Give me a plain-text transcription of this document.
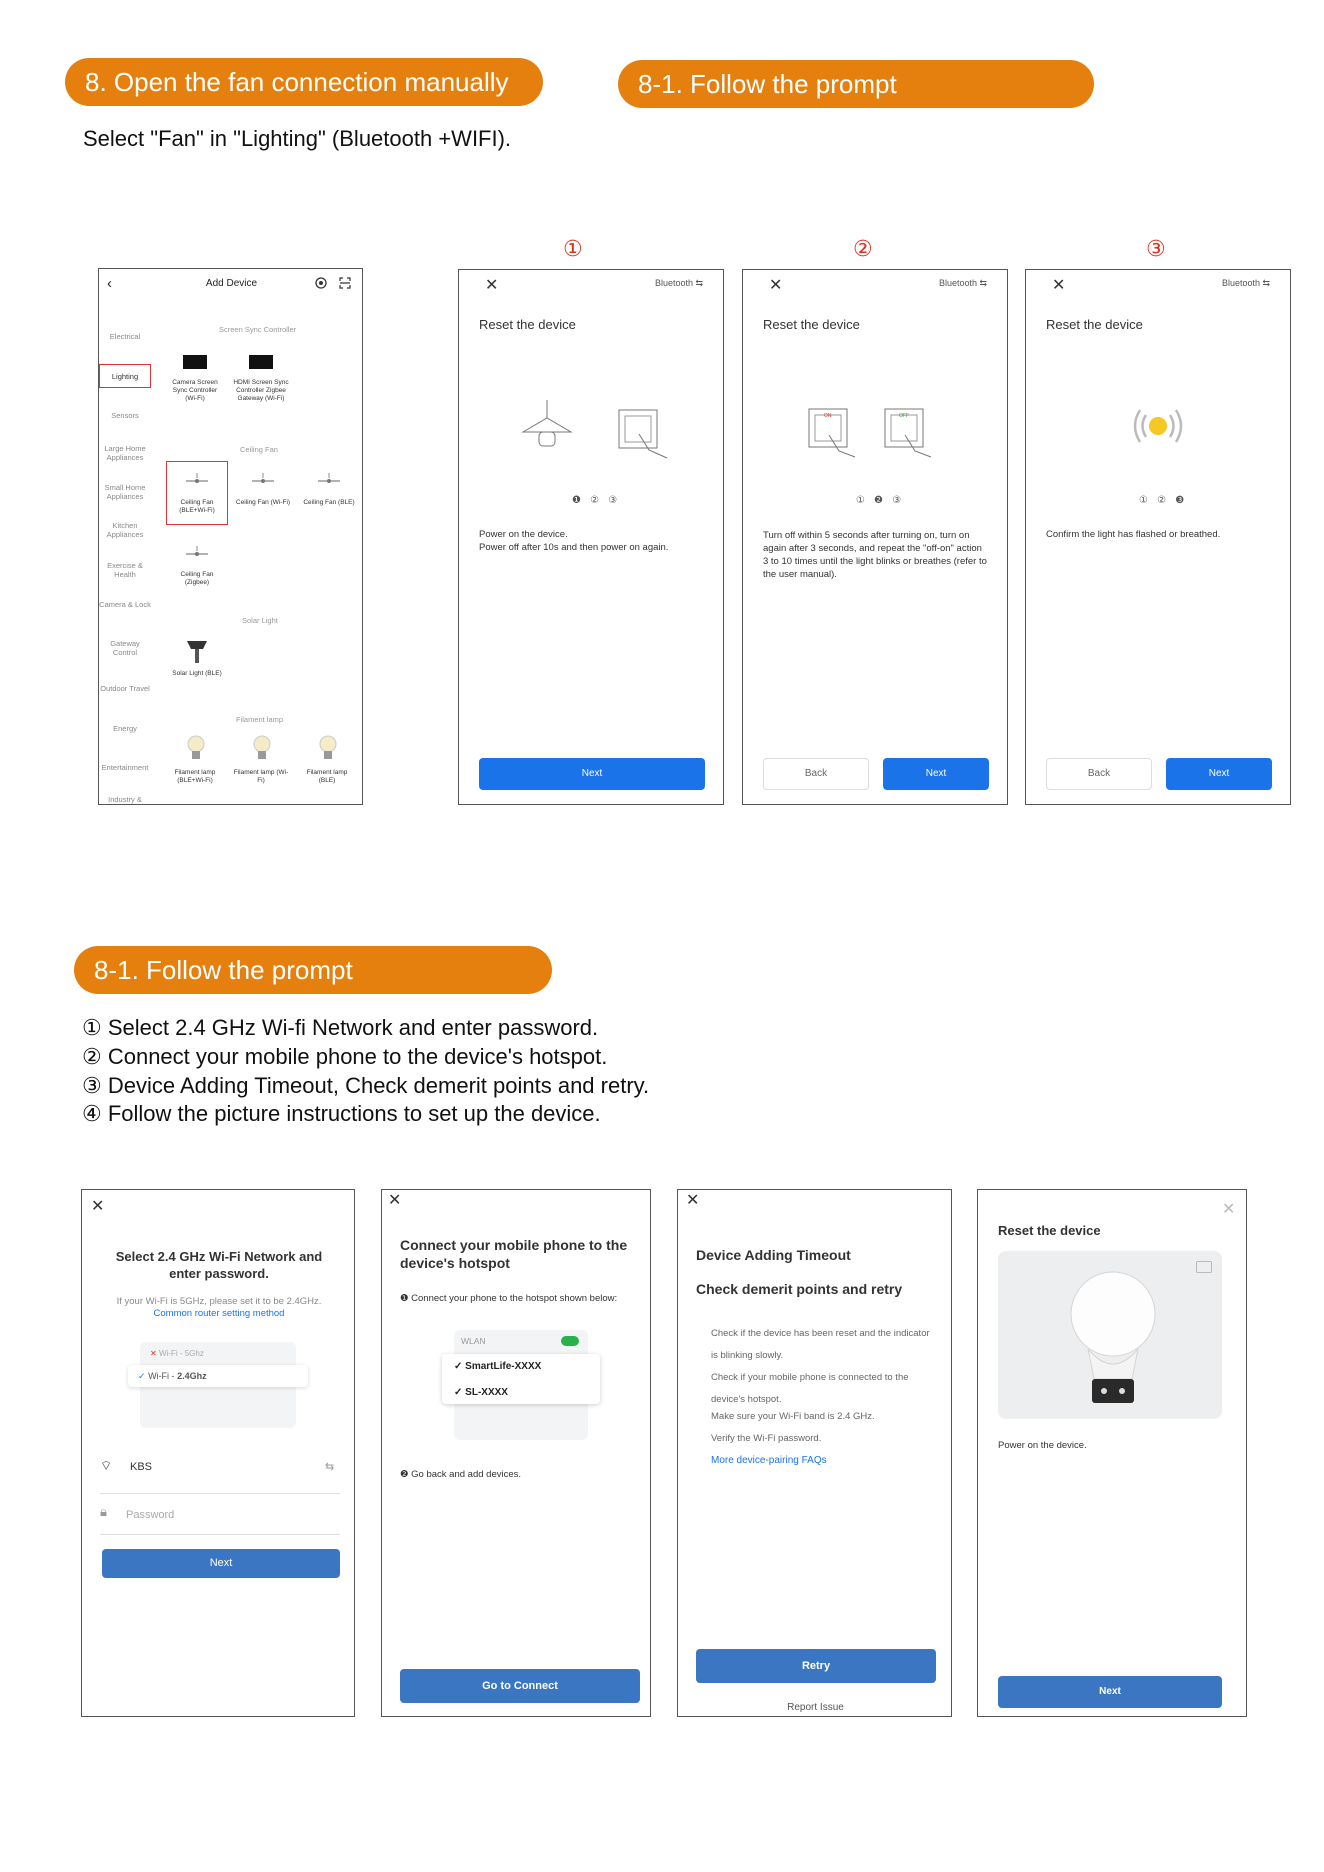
8. Open the fan connection manually	8-1. Follow the prompt
Select "Fan" in "Lighting" (Bluetooth +WIFI).
①	②	③
‹	Add Device
Electrical
Lighting
Sensors
Large Home Appliances
Small Home Appliances
Kitchen Appliances
Exercise & Health
Camera & Lock
Gateway Control
Outdoor Travel
Energy
Entertainment
Industry &
Screen Sync Controller
Camera Screen Sync Controller (Wi-Fi)
HDMI Screen Sync Controller Zigbee Gateway (Wi-Fi)
Ceiling Fan
Ceiling Fan (BLE+Wi-Fi)
Ceiling Fan (Wi-Fi)	Ceiling Fan (BLE)
Ceiling Fan (Zigbee)
Solar Light
Solar Light (BLE)
Filament lamp
Filament lamp (BLE+Wi-Fi)
Filament lamp (Wi-Fi)
Filament lamp (BLE)
✕	Bluetooth ⇆
Reset the device
❶ ② ③
Power on the device.
Power off after 10s and then power on again.
Next
✕	Bluetooth ⇆
Reset the device
ON	OFF
① ❷ ③
Turn off within 5 seconds after turning on, turn on again after 3 seconds, and repeat the "off-on" action 3 to 10 times until the light blinks or breathes (refer to the user manual).
Back	Next
✕	Bluetooth ⇆
Reset the device
① ② ❸
Confirm the light has flashed or breathed.
Back	Next
8-1. Follow the prompt
① Select 2.4 GHz Wi-fi Network and enter password.
② Connect your mobile phone to the device's hotspot.
③ Device Adding Timeout, Check demerit points and retry.
④ Follow the picture instructions to set up the device.
✕
Select 2.4 GHz Wi-Fi Network and enter password.
If your Wi-Fi is 5GHz, please set it to be 2.4GHz.
Common router setting method
✕ Wi-Fi - 5Ghz
✓ Wi-Fi - 2.4Ghz
⌔ KBS	⇆
🔒︎ Password
Next
✕
Connect your mobile phone to the device's hotspot
❶ Connect your phone to the hotspot shown below:
WLAN
✓ SmartLife-XXXX
✓ SL-XXXX
❷ Go back and add devices.
Go to Connect
✕
Device Adding Timeout
Check demerit points and retry
Check if the device has been reset and the indicator is blinking slowly.
Check if your mobile phone is connected to the device's hotspot.
Make sure your Wi-Fi band is 2.4 GHz.
Verify the Wi-Fi password.
More device-pairing FAQs
Retry
Report Issue
✕
Reset the device
Power on the device.
Next
